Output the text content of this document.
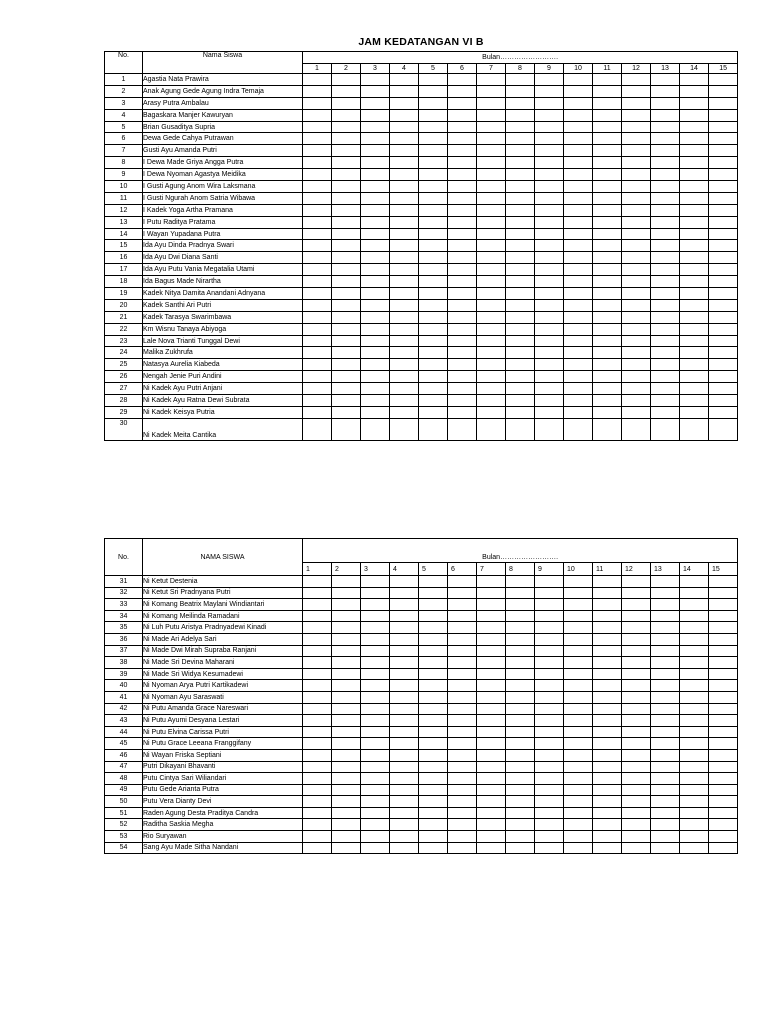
JAM KEDATANGAN VI B
No.	Nama Siswa	Bulan…………………….														
		1	2	3	4	5	6	7	8	9	10	11	12	13	14	15
1	Agastia Nata Prawira															
2	Anak Agung Gede Agung Indra Temaja															
3	Arasy Putra Ambalau															
4	Bagaskara Manjer Kawuryan															
5	Brian Gusaditya Supria															
6	Dewa Gede Cahya Putrawan															
7	Gusti Ayu Amanda Putri															
8	I Dewa Made Griya Angga Putra															
9	I Dewa Nyoman Agastya Meidika															
10	I Gusti Agung Anom Wira Laksmana															
11	I Gusti Ngurah Anom Satria Wibawa															
12	I Kadek Yoga Artha Pramana															
13	I Putu Raditya Pratama															
14	I Wayan Yupadana Putra															
15	Ida Ayu Dinda Pradnya Swari															
16	Ida Ayu Dwi Diana Santi															
17	Ida Ayu Putu Vania Megatalia Utami															
18	Ida Bagus Made Nirartha															
19	Kadek Nitya Damita Anandani Adnyana															
20	Kadek Santhi Ari Putri															
21	Kadek Tarasya Swarimbawa															
22	Km Wisnu Tanaya Abiyoga															
23	Lale Nova Trianti Tunggal Dewi															
24	Malika Zukhrufa															
25	Natasya Aurelia Kiabeda															
26	Nengah Jenie Puri Andini															
27	Ni Kadek Ayu Putri Anjani															
28	Ni Kadek Ayu Ratna Dewi Subrata															
29	Ni Kadek Keisya Putria															
30	Ni Kadek Meita Cantika															
No.	NAMA SISWA	Bulan…………………….														
		1	2	3	4	5	6	7	8	9	10	11	12	13	14	15
31	Ni Ketut Destenia															
32	Ni Ketut Sri Pradnyana Putri															
33	Ni Komang Beatrix Maylani Windiantari															
34	Ni Komang Meilinda Ramadani															
35	Ni Luh Putu Aristya Pradnyadewi Kinadi															
36	Ni Made Ari Adelya Sari															
37	Ni Made Dwi Mirah Supraba Ranjani															
38	Ni Made Sri Devina Maharani															
39	Ni Made Sri Widya Kesumadewi															
40	Ni Nyoman Arya Putri Kartikadewi															
41	Ni Nyoman Ayu Saraswati															
42	Ni Putu Amanda Grace Nareswari															
43	Ni Putu Ayumi Desyana Lestari															
44	Ni Putu Elvina Carissa Putri															
45	Ni Putu Grace Leeana Franggifany															
46	Ni Wayan Friska Septiani															
47	Putri Dikayani Bhavanti															
48	Putu Cintya Sari Wiliandari															
49	Putu Gede Arianta Putra															
50	Putu Vera Dianty Devi															
51	Raden Agung Desta Praditya Candra															
52	Raditha Saskia Megha															
53	Rio Suryawan															
54	Sang Ayu Made Sitha Nandani															
